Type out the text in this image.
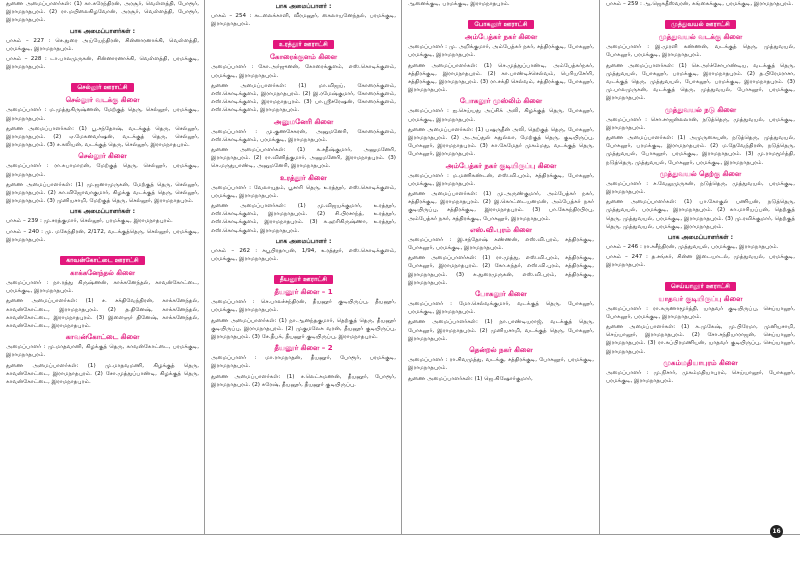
துணை அமைப்பாளர்கள்: (1) கா.சுரேந்திரன், அரசூர், வெள்ளத்தி, போரூர், இராமநாதபுரம். (2) ரா.மயிலைகிழவோன், அரசூர், வெள்ளத்தி, போரூர், இராமநாதபுரம்.

பாக அமைப்பாளர்கள் :

பாகம் – 227 : செ.துரை அய்யேந்திரன், சின்னாரனாக்கி, வெள்ளத்தி, பரமக்குடி, இராமநாதபுரம்.

பாகம் – 228 : டா.பாலமுருகன், சின்னாரனாக்கி, வெள்ளத்தி, பரமக்குடி, இராமநாதபுரம்.

செல்லூர் ஊராட்சி
செல்லூர் வடக்கு கிளை

அமைப்பாளர் : ம.முத்துகிருஷ்ணன், மேற்குத் தெரு, செல்லூர், பரமக்குடி, இராமநாதபுரம்.

துணை அமைப்பாளர்கள்: (1) பூ.சந்தோஷ், வடக்குத் தெரு, செல்லூர், இராமநாதபுரம். (2) ஏ.மேகனவர்ஷன், வடக்குத் தெரு, செல்லூர், இராமநாதபுரம். (3) ச.கலியன், வடக்குத் தெரு, செல்லூர், இராமநாதபுரம்.

செல்லூர் கிளை

அமைப்பாளர் : ரா.சுபாமாறன், மேற்குத் தெரு, செல்லூர், பரமக்குடி, இராமநாதபுரம்.

துணை அமைப்பாளர்கள்: (1) மு.ஜனாமுருகன், மேற்குத் தெரு, செல்லூர், இராமநாதபுரம். (2) கா.விஜோவாகுமார், கிழக்கு வடக்குத் தெரு, செல்லூர், இராமநாதபுரம். (3) முனியசாமி, மேற்குத் தெரு, செல்லூர், இராமநாதபுரம்.

பாக அமைப்பாளர்கள் :

பாகம் – 239 : மு.சரத்குமார், செல்லூர், பரமக்குடி, இராமநாதபுரம்.

பாகம் – 240 : மு. மகேந்திரன், 2/172, வடக்குத்தெரு, செல்லூர், பரமக்குடி, இராமநாதபுரம்.

காவன்கோட்டை ஊராட்சி
காக்கனேந்தல் கிளை

அமைப்பாளர் : நா.ரத்து கிருஷ்ணன், காக்கனேந்தல், காவன்கோட்டை, பரமக்குடி, இராமநாதபுரம்.

துணை அமைப்பாளர்கள்: (1) ச. சக்திவேந்திரன், காக்கனேந்தல், காவன்கோட்டை, இராமநாதபுரம். (2) த.தினேஷ், காக்கனேந்தல், காவன்கோட்டை, இராமநாதபுரம். (3) இளைஞர் தினேஷ், காக்கனேந்தல், காவன்கோட்டை, இராமநாதபுரம்.

காவன்கோட்டை கிளை

அமைப்பாளர் : மு.மாதவானி, கிழக்குத் தெரு, காவன்கோட்டை, பரமக்குடி, இராமநாதபுரம்.

துணை அமைப்பாளர்கள்: (1) மு.மாதவமணி, கிழக்குத் தெரு, காவன்கோட்டை, இராமநாதபுரம். (2) சோ.முத்துப்பாண்டி, கிழக்குத் தெரு, காவன்கோட்டை, இராமநாதபுரம்.

பாக அமைப்பாளர் :

பாகம் – 254 : சுடலைக்காளி, வீரமனூர், கைலாயனேந்தல், பரமக்குடி, இராமநாதபுரம்.

உரத்தூர் ஊராட்சி
கோரைக்குளம் கிளை

அமைப்பாளர் : கோ.அர்ஜுனன், கோரைக்குளம், எஸ்.கொடிக்குளம், பரமக்குடி, இராமநாதபுரம்.

துணை அமைப்பாளர்கள்: (1) மா.விஜய், கோரைக்குளம், எஸ்.கொடிக்குளம், இராமநாதபுரம். (2) இ.ரமேஷ்குமார், கோரைக்குளம், எஸ்.கொடிக்குளம், இராமநாதபுரம். (3) பா.ஸ்ரீசரேஷன், கோரைக்குளம், எஸ்.கொடிக்குளம், இராமநாதபுரம்.

அனுமனேரி கிளை

அமைப்பாளர் : மு.குணசேகரன், அனுமனேரி, கோரைக்குளம், எஸ்.கொடிக்குளம், பரமக்குடி, இராமநாதபுரம்.

துணை அமைப்பாளர்கள்: (1) க.சதீஷ்குமார், அனுமனேரி, இராமநாதபுரம். (2) ரா.வினித்குமார், அனுமனேரி, இராமநாதபுரம். (3) செ.மருதுபாண்டி, அனுமனேரி, இராமநாதபுரம்.

உரத்தூர் கிளை

அமைப்பாளர் : வேலாயுதம், பூசாரி தெரு, உரத்தூர், எஸ்.கொடிக்குளம், பரமக்குடி, இராமநாதபுரம்.

துணை அமைப்பாளர்கள்: (1) மு.விஜயக்குமார், உரத்தூர், எஸ்.கொடிக்குளம், இராமநாதபுரம். (2) சி.பிரசாந்த், உரத்தூர், எஸ்.கொடிக்குளம், இராமநாதபுரம். (3) க.ஹரிகிருஷ்ணா, உரத்தூர், எஸ்.கொடிக்குளம், இராமநாதபுரம்.

பாக அமைப்பாளர் :

பாகம் – 262 : சுபூபிரதாபன், 1/94, உரத்தூர், எஸ்.கொடிக்குளம், பரமக்குடி, இராமநாதபுரம்.

தீயனூர் ஊராட்சி
தீயனூர் கிளை – 1

அமைப்பாளர் : செ.பாலச்சந்திரன், தீயனூர் குடியிருப்பு, தீயனூர், பரமக்குடி, இராமநாதபுரம்.

துணை அமைப்பாளர்கள்: (1) நா.ஆனந்தகுமார், தெற்குத் தெரு, தீயனூர் குடியிருப்பு, இராமநாதபுரம். (2) முகுமலேசு வரன், தீயனூர் குடியிருப்பு, இராமநாதபுரம். (3) சே.தீபக், தீயனூர் குடியிருப்பு, இராமநாதபுரம்.

தீயனூர் கிளை – 2

அமைப்பாளர் : மா.ராமநாதன், தீயனூர், போரூர், பரமக்குடி, இராமநாதபுரம்.

துணை அமைப்பாளர்கள்: (1) ச.லெட்சுமணன், தீயனூர், போரூர், இராமநாதபுரம். (2) சுரேஷ், தீயனூர், தீயனூர் குடியிருப்பு.

ஆனைக்குடி, பரமக்குடி, இராமநாதபுரம்.

போகலூர் ஊராட்சி
அம்பேத்கர் நகர் கிளை

அமைப்பாளர் : மு. அறிக்குமார், அம்பேத்கர் நகர், சத்திரக்குடி, போகலூர், பரமக்குடி, இராமநாதபுரம்.

துணை அமைப்பாளர்கள்: (1) செ.முத்துப்பாண்டி, அம்பேத்கர்நகர், சத்திரக்குடி, இராமநாதபுரம். (2) கா.பாண்டிச்செல்வம், பெரியசேர்ரி, சத்திரக்குடி, இராமநாதபுரம். (3) ரா.சக்தி செல்வம், சத்திரக்குடி, போகலூர், இராமநாதபுரம்.

போகலூர் முஸ்லிம் கிளை

அமைப்பாளர் : ஐ.செய்யது அப்சிக் அலி, கிழக்குத் தெரு, போகலூர், பரமக்குடி, இராமநாதபுரம்.

துணை அமைப்பாளர்கள்: (1) பஷருதீன் அலி, தெற்குத் தெரு, போகலூர், இராமநாதபுரம். (2) அ.அப்துல் கதுல்லா, மேற்குத் தெரு, குடியிருப்பு, போகலூர், இராமநாதபுரம். (3) கா.கேமேதர் முகம்மது, வடக்குத் தெரு, போகலூர், இராமநாதபுரம்.

அம்பேத்கர் நகர் குடியிருப்பு கிளை

அமைப்பாளர் : ம.மணிகண்டன், எஸ்.வி.புரம், சத்திரக்குடி, போகலூர், பரமக்குடி, இராமநாதபுரம்.

துணை அமைப்பாளர்கள்: (1) மு.அருண்குமார், அம்பேத்கர் நகர், சத்திரக்குடி, இராமநாதபுரம். (2) இ.கொட்டையனமன், அம்பேத்கர் நகர் குடியிருப்பு, சத்திரக்குடி, இராமநாதபுரம். (3) பா.கேசுந்திரபிரபு, அம்பேத்கர் நகர், சத்திரக்குடி, போகலூர், இராமநாதபுரம்.

எஸ்.வி.புரம் கிளை

அமைப்பாளர் : இ.சந்தோஷ் கண்ணன், எஸ்.வி.புரம், சத்திரக்குடி, போகலூர், பரமக்குடி, இராமநாதபுரம்.

துணை அமைப்பாளர்கள்: (1) ரா.முத்து, எஸ்.வி.புரம், சத்திரக்குடி, போகலூர், இராமநாதபுரம். (2) கோ.சுந்தர், எஸ்.வி.புரம், சத்திரக்குடி, இராமநாதபுரம். (3) சு.துரைமுருகன், எஸ்.வி.புரம், சத்திரக்குடி, இராமநாதபுரம்.

போகலூர் கிளை

அமைப்பாளர் : மோ.செல்வக்குமார், வடக்குத் தெரு, போகலூர், பரமக்குடி, இராமநாதபுரம்.

துணை அமைப்பாளர்கள்: (1) நா.பாண்டியராஜ், வடக்குத் தெரு, போகலூர், இராமநாதபுரம். (2) முனியசாமி, வடக்குத் தெரு, போகலூர், இராமநாதபுரம்.

தென்றல் நகர் கிளை

அமைப்பாளர் : ரா.சிவமுத்து, வடக்கு, சத்திரக்குடி, போகலூர், பரமக்குடி, இராமநாதபுரம்.

துணை அமைப்பாளர்கள்: (1) ஜெ.கிஷோர்குமார்,

பாகம் – 259 : ஆ.ஜெகதீஸ்வரன், கங்கைக்குடி, பரமக்குடி, இராமநாதபுரம்.

முத்துவயல் ஊராட்சி
முத்துவயல் வடக்கு கிளை

அமைப்பாளர் : இ.முரளி கண்ணன், வடக்குத் தெரு, முத்துவயல், போகலூர், பரமக்குடி, இராமநாதபுரம்.

துணை அமைப்பாளர்கள்: (1) செ.அர்ச்சோபாண்டிய, வடக்குத் தெரு, முத்துவயல், போகலூர், பரமக்குடி, இராமநாதபுரம். (2) த.பிரேமராசா, வடக்குத் தெரு, முத்துவயல், போகலூர், பரமக்குடி, இராமநாதபுரம். (3) மு.பாலமுருகன், வடக்குத் தெரு, முத்துவயல், போகலூர், பரமக்குடி, இராமநாதபுரம்.

முத்துவயல் நடு கிளை

அமைப்பாளர் : சொ.சாஜன்லலான், நடுத்தெரு, முத்துவயல், பரமக்குடி, இராமநாதபுரம்.

துணை அமைப்பாளர்கள்: (1) அமுருகையன், நடுத்தெரு, முத்துவயல், போகலூர், பரமக்குடி, இராமநாதபுரம். (2) ம.தேவேந்திரன், நடுத்தெரு, முத்துவயல், போகலூர், பரமக்குடி, இராமநாதபுரம். (3) மு.ராமமூர்த்தி, நடுத்தெரு, முத்துவயல், போகலூர், பரமக்குடி, இராமநாதபுரம்.

முத்துவயல் தெற்கு கிளை

அமைப்பாளர் : ச.வேலுமுருகன், நடுத்தெரு, முத்துவயல், பரமக்குடி, இராமநாதபுரம்.

துணை அமைப்பாளர்கள்: (1) பா.கோகுல் பணியன், நடுத்தெரு, முத்துவயல், பரமக்குடி, இராமநாதபுரம். (2) கா.மாரியப்பன், தெற்குத் தெரு, முத்துவயல், பரமக்குடி, இராமநாதபுரம். (3) மு.ரவிக்குமார், தெற்குத் தெரு, முத்துவயல், பரமக்குடி, இராமநாதபுரம்.

பாக அமைப்பாளர்கள் :

பாகம் – 246 : ரா.சுசீந்திரன், முத்துவயல், பரமக்குடி, இராமநாதபுரம்.

பாகம் – 247 : த.சங்கர், சின்ன இடையாடல், முத்துவயல், பரமக்குடி, இராமநாதபுரம்.

செய்யாலூர் ஊராட்சி
யாதவர் குடியிருப்பு கிளை

அமைப்பாளர் : ரா.சுருணாமூர்த்தி, யாதவர் குடியிருப்பு, செய்யாலூர், போகலூர், பரமக்குடி, இராமநாதபுரம்.

துணை அமைப்பாளர்கள்: (1) க.முகேஷ், மு.பிரேமா, முனியசாமி, செய்யாலூர், இராமநாதபுரம். (2) சோ.சந்தியாராஜன், செய்யாலூர், இராமநாதபுரம். (3) ரா.கப்பிரமணியன், யாதவர் குடியிருப்பு, செய்யாலூர், இராமநாதபுரம்.

முகம்மதியாபுரம் கிளை

அமைப்பாளர் : மு.நிசார், முகம்மதியாபுரம், செய்யாலூர், போகலூர், பரமக்குடி, இராமநாதபுரம்.

16
